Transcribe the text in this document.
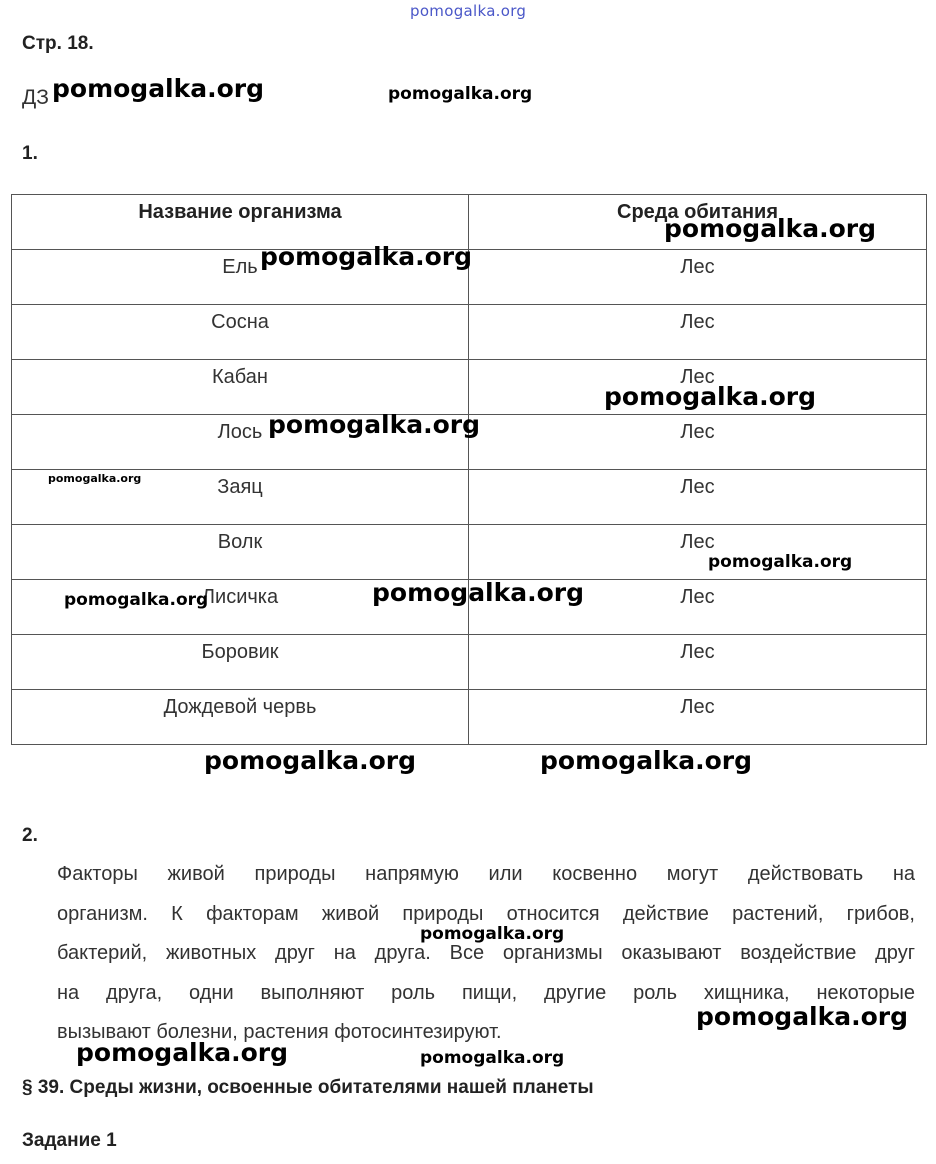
pomogalka.org
Стр. 18.
ДЗ pomogalka.org	pomogalka.org
1.
Название организма	Среда обитания
Ель	Лес
Сосна	Лес
Кабан	Лес
Лось	Лес
Заяц	Лес
Волк	Лес
Лисичка	Лес
Боровик	Лес
Дождевой червь	Лес
pomogalka.org
pomogalka.org
pomogalka.org
pomogalka.org
pomogalka.org
pomogalka.org
pomogalka.org	pomogalka.org
pomogalka.org	pomogalka.org
2.
Факторы живой природы напрямую или косвенно могут действовать на
организм. К факторам живой природы относится действие растений, грибов,
бактерий, животных друг на друга. Все организмы оказывают воздействие друг
на друга, одни выполняют роль пищи, другие роль хищника, некоторые
вызывают болезни, растения фотосинтезируют.
pomogalka.org
pomogalka.org
pomogalka.org	pomogalka.org
§ 39. Среды жизни, освоенные обитателями нашей планеты
Задание 1
